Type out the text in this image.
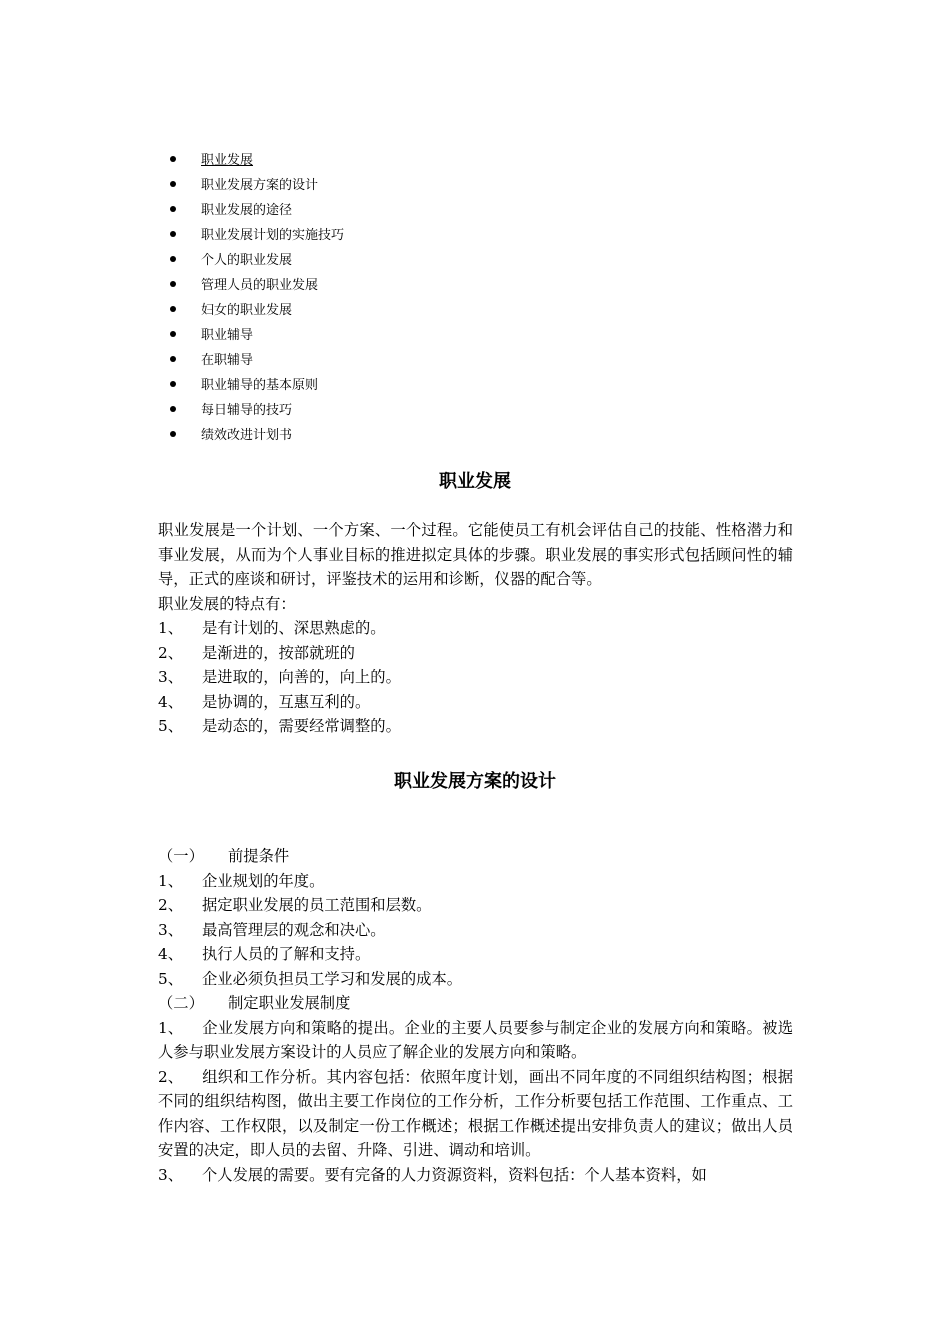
职业发展
职业发展方案的设计
职业发展的途径
职业发展计划的实施技巧
个人的职业发展
管理人员的职业发展
妇女的职业发展
职业辅导
在职辅导
职业辅导的基本原则
每日辅导的技巧
绩效改进计划书
职业发展
职业发展是一个计划、一个方案、一个过程。它能使员工有机会评估自己的技能、性格潜力和事业发展，从而为个人事业目标的推进拟定具体的步骤。职业发展的事实形式包括顾问性的辅导，正式的座谈和研讨，评鉴技术的运用和诊断，仪器的配合等。
职业发展的特点有：
1、	是有计划的、深思熟虑的。
2、	是渐进的，按部就班的
3、	是进取的，向善的，向上的。
4、	是协调的，互惠互利的。
5、	是动态的，需要经常调整的。
职业发展方案的设计
（一）	前提条件
1、	企业规划的年度。
2、	据定职业发展的员工范围和层数。
3、	最高管理层的观念和决心。
4、	执行人员的了解和支持。
5、	企业必须负担员工学习和发展的成本。
（二）	制定职业发展制度
1、 企业发展方向和策略的提出。企业的主要人员要参与制定企业的发展方向和策略。被选人参与职业发展方案设计的人员应了解企业的发展方向和策略。
2、 组织和工作分析。其内容包括：依照年度计划，画出不同年度的不同组织结构图；根据不同的组织结构图，做出主要工作岗位的工作分析，工作分析要包括工作范围、工作重点、工作内容、工作权限，以及制定一份工作概述；根据工作概述提出安排负责人的建议；做出人员安置的决定，即人员的去留、升降、引进、调动和培训。
3、 个人发展的需要。要有完备的人力资源资料，资料包括：个人基本资料，如
